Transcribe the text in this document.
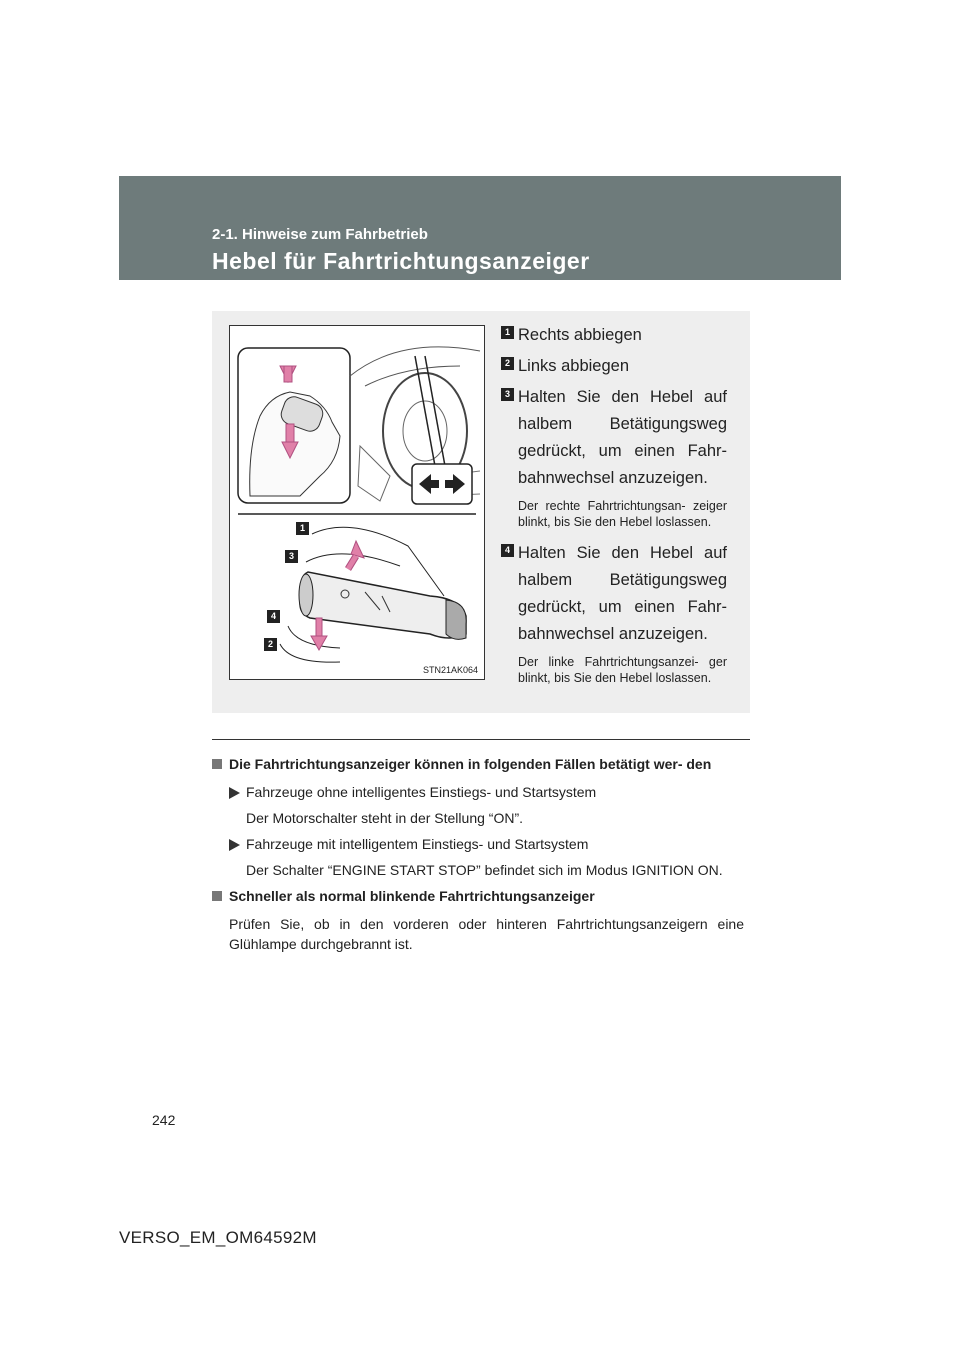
2-1. Hinweise zum Fahrbetrieb
Hebel für Fahrtrichtungsanzeiger
1
3
4
2
STN21AK064
1 Rechts abbiegen
2 Links abbiegen
3 Halten Sie den Hebel auf halbem Betätigungsweg gedrückt, um einen Fahr- bahnwechsel anzuzeigen.
Der rechte Fahrtrichtungsan- zeiger blinkt, bis Sie den Hebel loslassen.
4 Halten Sie den Hebel auf halbem Betätigungsweg gedrückt, um einen Fahr- bahnwechsel anzuzeigen.
Der linke Fahrtrichtungsanzei- ger blinkt, bis Sie den Hebel loslassen.
Die Fahrtrichtungsanzeiger können in folgenden Fällen betätigt wer- den
Fahrzeuge ohne intelligentes Einstiegs- und Startsystem
Der Motorschalter steht in der Stellung “ON”.
Fahrzeuge mit intelligentem Einstiegs- und Startsystem
Der Schalter “ENGINE START STOP” befindet sich im Modus IGNITION ON.
Schneller als normal blinkende Fahrtrichtungsanzeiger
Prüfen Sie, ob in den vorderen oder hinteren Fahrtrichtungsanzeigern eine Glühlampe durchgebrannt ist.
242
VERSO_EM_OM64592M
